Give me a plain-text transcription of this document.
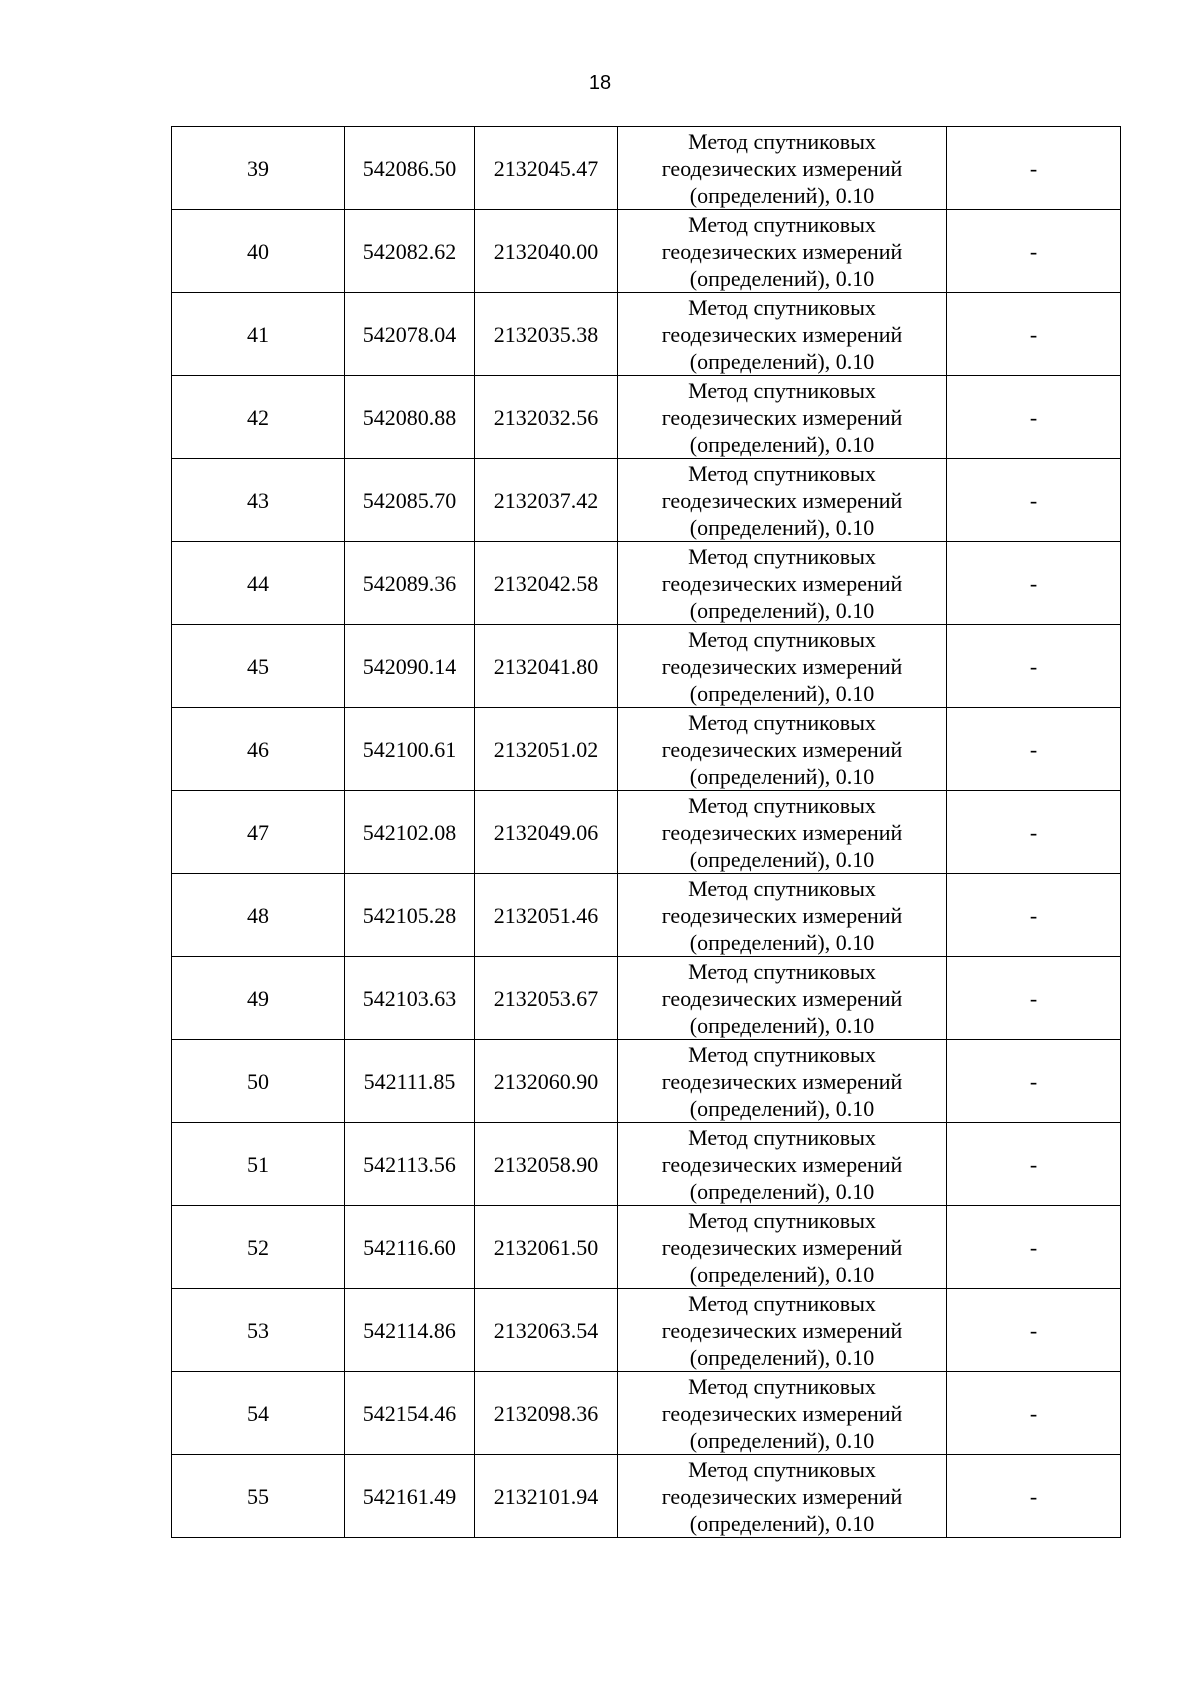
18
39	542086.50	2132045.47	Метод спутниковых геодезических измерений (определений), 0.10	-
40	542082.62	2132040.00	Метод спутниковых геодезических измерений (определений), 0.10	-
41	542078.04	2132035.38	Метод спутниковых геодезических измерений (определений), 0.10	-
42	542080.88	2132032.56	Метод спутниковых геодезических измерений (определений), 0.10	-
43	542085.70	2132037.42	Метод спутниковых геодезических измерений (определений), 0.10	-
44	542089.36	2132042.58	Метод спутниковых геодезических измерений (определений), 0.10	-
45	542090.14	2132041.80	Метод спутниковых геодезических измерений (определений), 0.10	-
46	542100.61	2132051.02	Метод спутниковых геодезических измерений (определений), 0.10	-
47	542102.08	2132049.06	Метод спутниковых геодезических измерений (определений), 0.10	-
48	542105.28	2132051.46	Метод спутниковых геодезических измерений (определений), 0.10	-
49	542103.63	2132053.67	Метод спутниковых геодезических измерений (определений), 0.10	-
50	542111.85	2132060.90	Метод спутниковых геодезических измерений (определений), 0.10	-
51	542113.56	2132058.90	Метод спутниковых геодезических измерений (определений), 0.10	-
52	542116.60	2132061.50	Метод спутниковых геодезических измерений (определений), 0.10	-
53	542114.86	2132063.54	Метод спутниковых геодезических измерений (определений), 0.10	-
54	542154.46	2132098.36	Метод спутниковых геодезических измерений (определений), 0.10	-
55	542161.49	2132101.94	Метод спутниковых геодезических измерений (определений), 0.10	-
